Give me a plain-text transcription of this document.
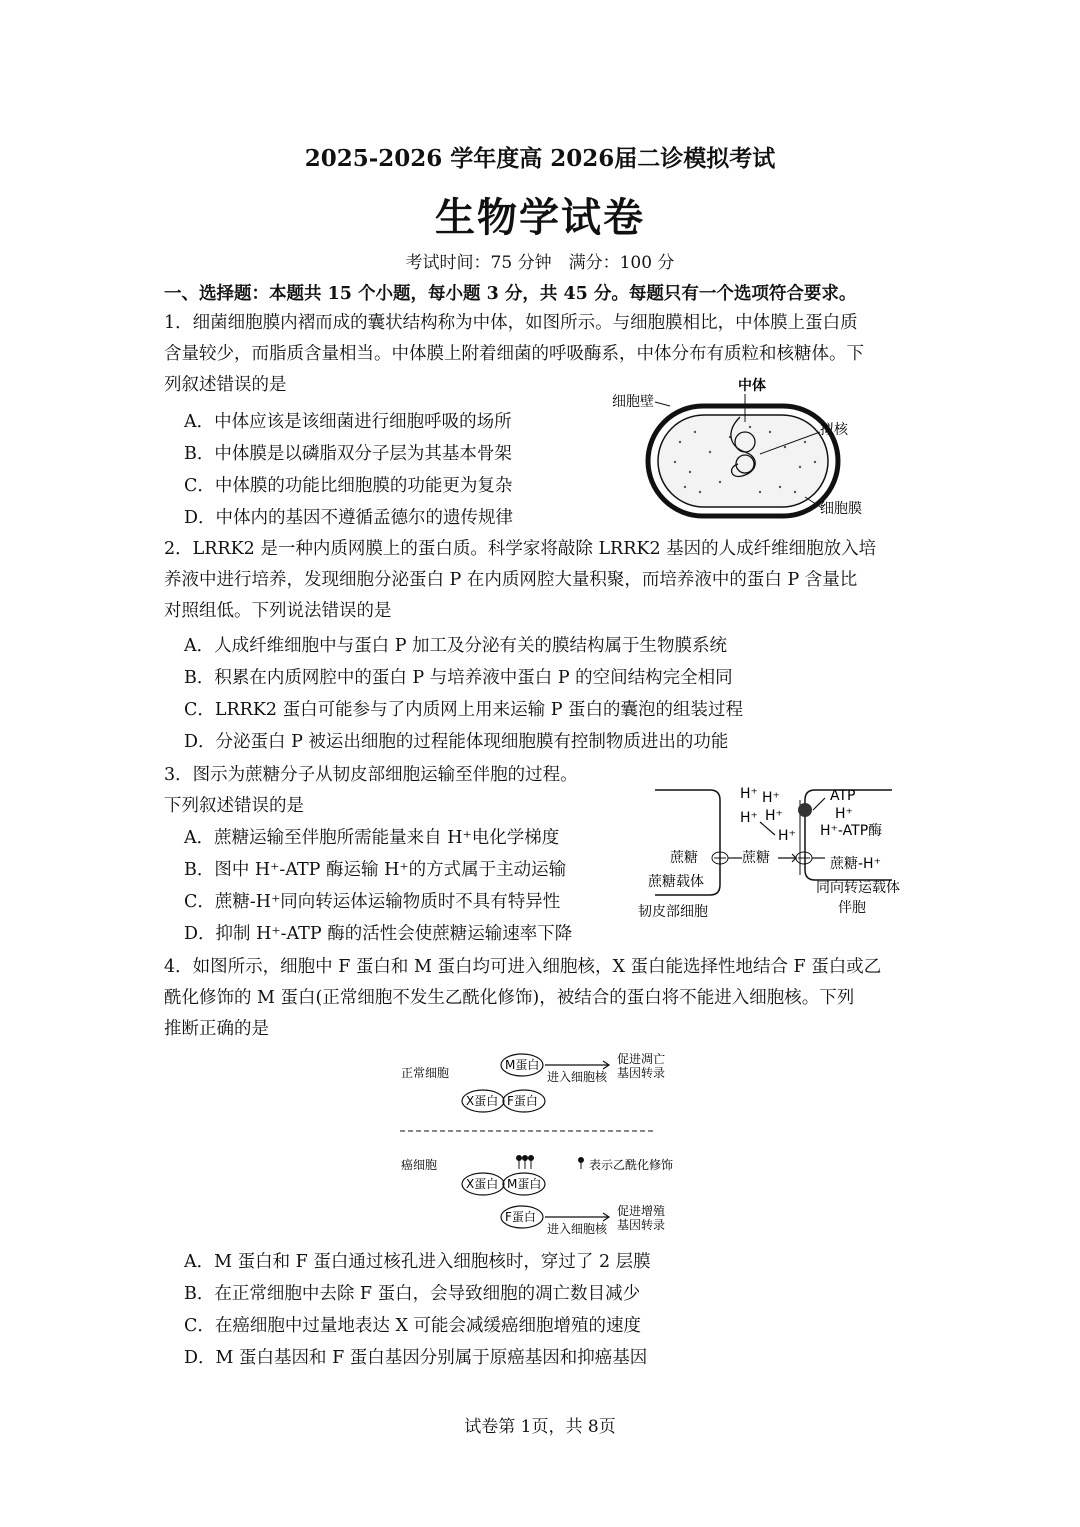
2025-2026 学年度高 2026届二诊模拟考试
生物学试卷
考试时间：75 分钟　满分：100 分
一、选择题：本题共 15 个小题，每小题 3 分，共 45 分。每题只有一个选项符合要求。
1．细菌细胞膜内褶而成的囊状结构称为中体，如图所示。与细胞膜相比，中体膜上蛋白质
含量较少，而脂质含量相当。中体膜上附着细菌的呼吸酶系，中体分布有质粒和核糖体。下
列叙述错误的是
A．中体应该是该细菌进行细胞呼吸的场所
B．中体膜是以磷脂双分子层为其基本骨架
C．中体膜的功能比细胞膜的功能更为复杂
D．中体内的基因不遵循孟德尔的遗传规律
细胞壁
中体
拟核
细胞膜
2．LRRK2 是一种内质网膜上的蛋白质。科学家将敲除 LRRK2 基因的人成纤维细胞放入培
养液中进行培养，发现细胞分泌蛋白 P 在内质网腔大量积聚，而培养液中的蛋白 P 含量比
对照组低。下列说法错误的是
A．人成纤维细胞中与蛋白 P 加工及分泌有关的膜结构属于生物膜系统
B．积累在内质网腔中的蛋白 P 与培养液中蛋白 P 的空间结构完全相同
C．LRRK2 蛋白可能参与了内质网上用来运输 P 蛋白的囊泡的组装过程
D．分泌蛋白 P 被运出细胞的过程能体现细胞膜有控制物质进出的功能
3．图示为蔗糖分子从韧皮部细胞运输至伴胞的过程。
下列叙述错误的是
A．蔗糖运输至伴胞所需能量来自 H⁺电化学梯度
B．图中 H⁺-ATP 酶运输 H⁺的方式属于主动运输
C．蔗糖-H⁺同向转运体运输物质时不具有特异性
D．抑制 H⁺-ATP 酶的活性会使蔗糖运输速率下降
H⁺ H⁺
H⁺ H⁺
H⁺
H⁺
ATP
H⁺-ATP酶
蔗糖	蔗糖	蔗糖-H⁺
蔗糖载体	同向转运载体
伴胞
韧皮部细胞
4．如图所示，细胞中 F 蛋白和 M 蛋白均可进入细胞核，X 蛋白能选择性地结合 F 蛋白或乙
酰化修饰的 M 蛋白(正常细胞不发生乙酰化修饰)，被结合的蛋白将不能进入细胞核。下列
推断正确的是
正常细胞
M蛋白
进入细胞核
促进凋亡
基因转录
X蛋白 F蛋白
癌细胞	表示乙酰化修饰
X蛋白 M蛋白
F蛋白
进入细胞核
促进增殖
基因转录
A．M 蛋白和 F 蛋白通过核孔进入细胞核时，穿过了 2 层膜
B．在正常细胞中去除 F 蛋白，会导致细胞的凋亡数目减少
C．在癌细胞中过量地表达 X 可能会减缓癌细胞增殖的速度
D．M 蛋白基因和 F 蛋白基因分别属于原癌基因和抑癌基因
试卷第 1页，共 8页
